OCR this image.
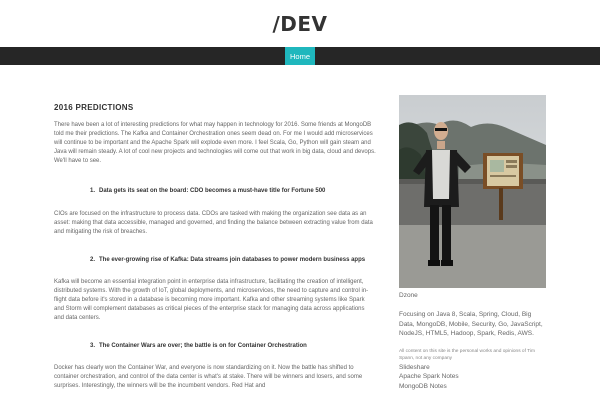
/DEV
Home
2016 PREDICTIONS

There have been a lot of interesting predictions for what may happen in technology for 2016. Some friends at MongoDB told me their predictions. The Kafka and Container Orchestration ones seem dead on. For me I would add microservices will continue to be important and the Apache Spark will explode even more. I feel Scala, Go, Python will gain steam and Java will remain steady. A lot of cool new projects and technologies will come out that work in big data, cloud and devops. We'll have to see.

1. Data gets its seat on the board: CDO becomes a must-have title for Fortune 500

CIOs are focused on the infrastructure to process data. CDOs are tasked with making the organization see data as an asset: making that data accessible, managed and governed, and finding the balance between extracting value from data and mitigating the risk of breaches.

2. The ever-growing rise of Kafka: Data streams join databases to power modern business apps

Kafka will become an essential integration point in enterprise data infrastructure, facilitating the creation of intelligent, distributed systems. With the growth of IoT, global deployments, and microservices, the need to capture and control in-flight data before it's stored in a database is becoming more important. Kafka and other streaming systems like Spark and Storm will complement databases as critical pieces of the enterprise stack for managing data across applications and data centers.

3. The Container Wars are over; the battle is on for Container Orchestration

Docker has clearly won the Container War, and everyone is now standardizing on it. Now the battle has shifted to container orchestration, and control of the data center is what's at stake. There will be winners and losers, and some surprises. Interestingly, the winners will be the incumbent vendors. Red Hat and

Dzone
Focusing on Java 8, Scala, Spring, Cloud, Big Data, MongoDB, Mobile, Security, Go, JavaScript, NodeJS, HTML5, Hadoop, Spark, Redis, AWS.
All content on this site is the personal works and opinions of Tim Spann, not any company
Slideshare
Apache Spark Notes
MongoDB Notes
